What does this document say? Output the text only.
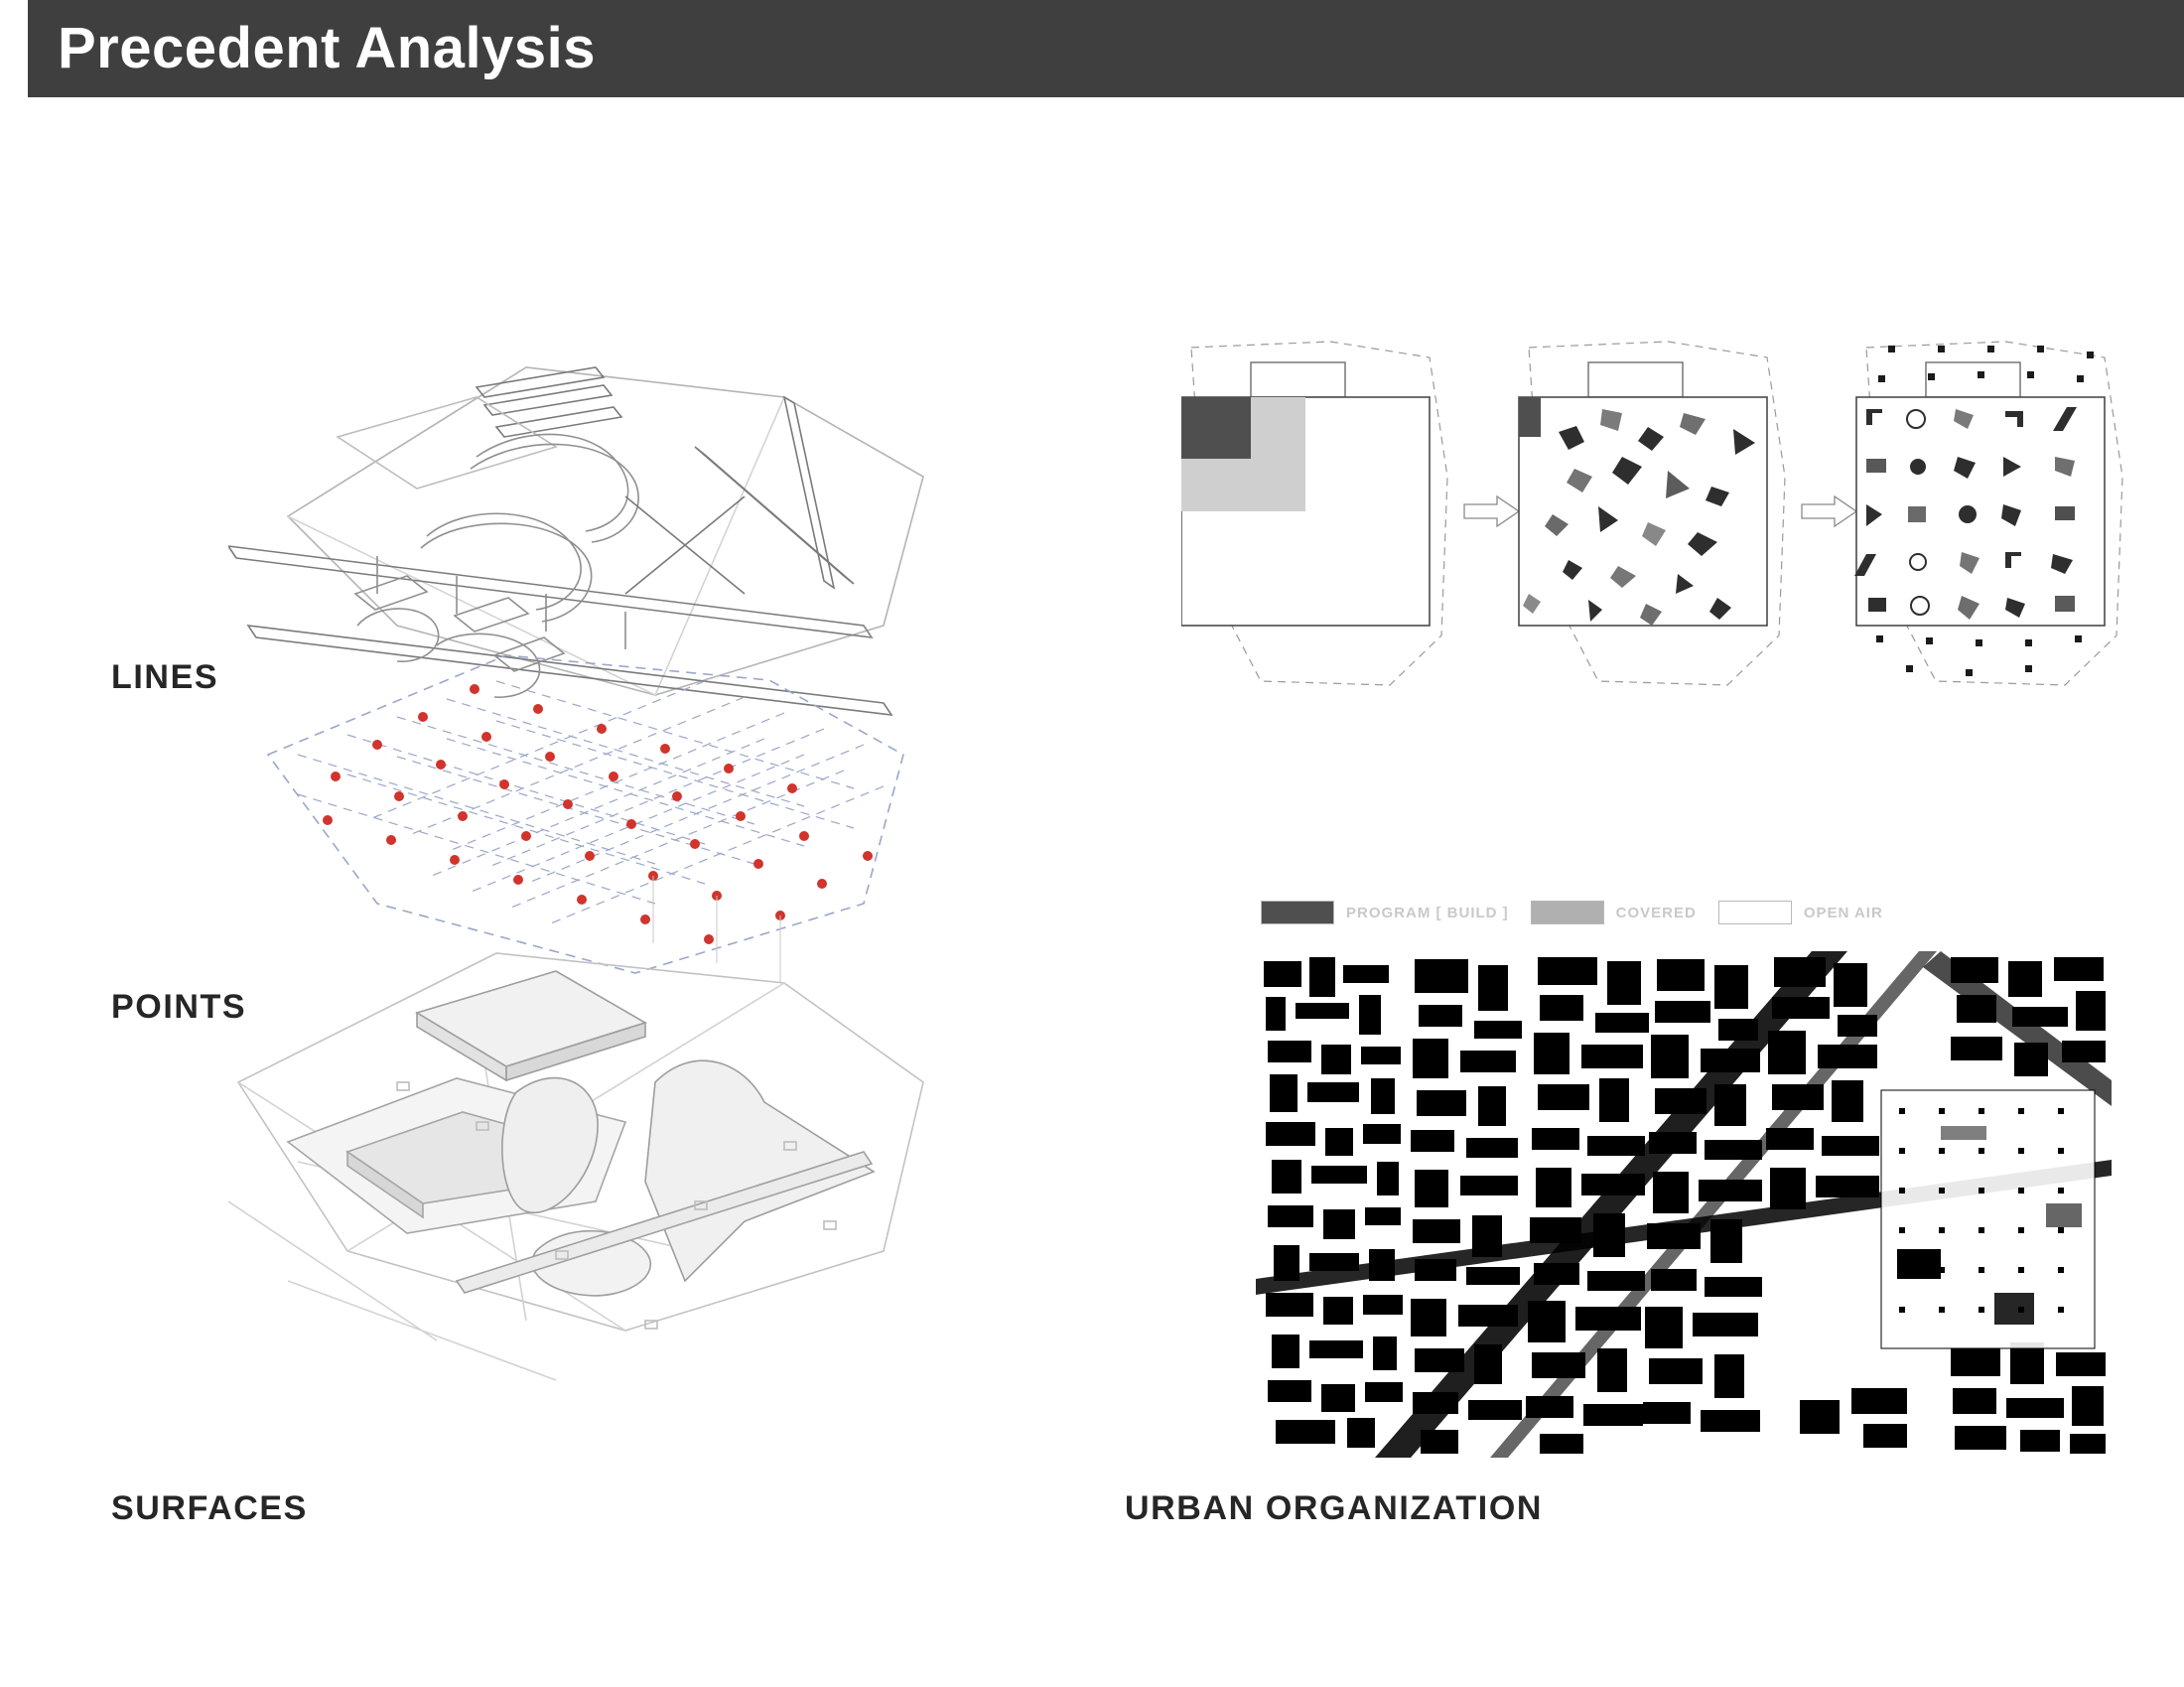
Precedent Analysis
PROGRAM [ BUILD ]	COVERED	OPEN AIR
LINES
POINTS
SURFACES	URBAN ORGANIZATION
